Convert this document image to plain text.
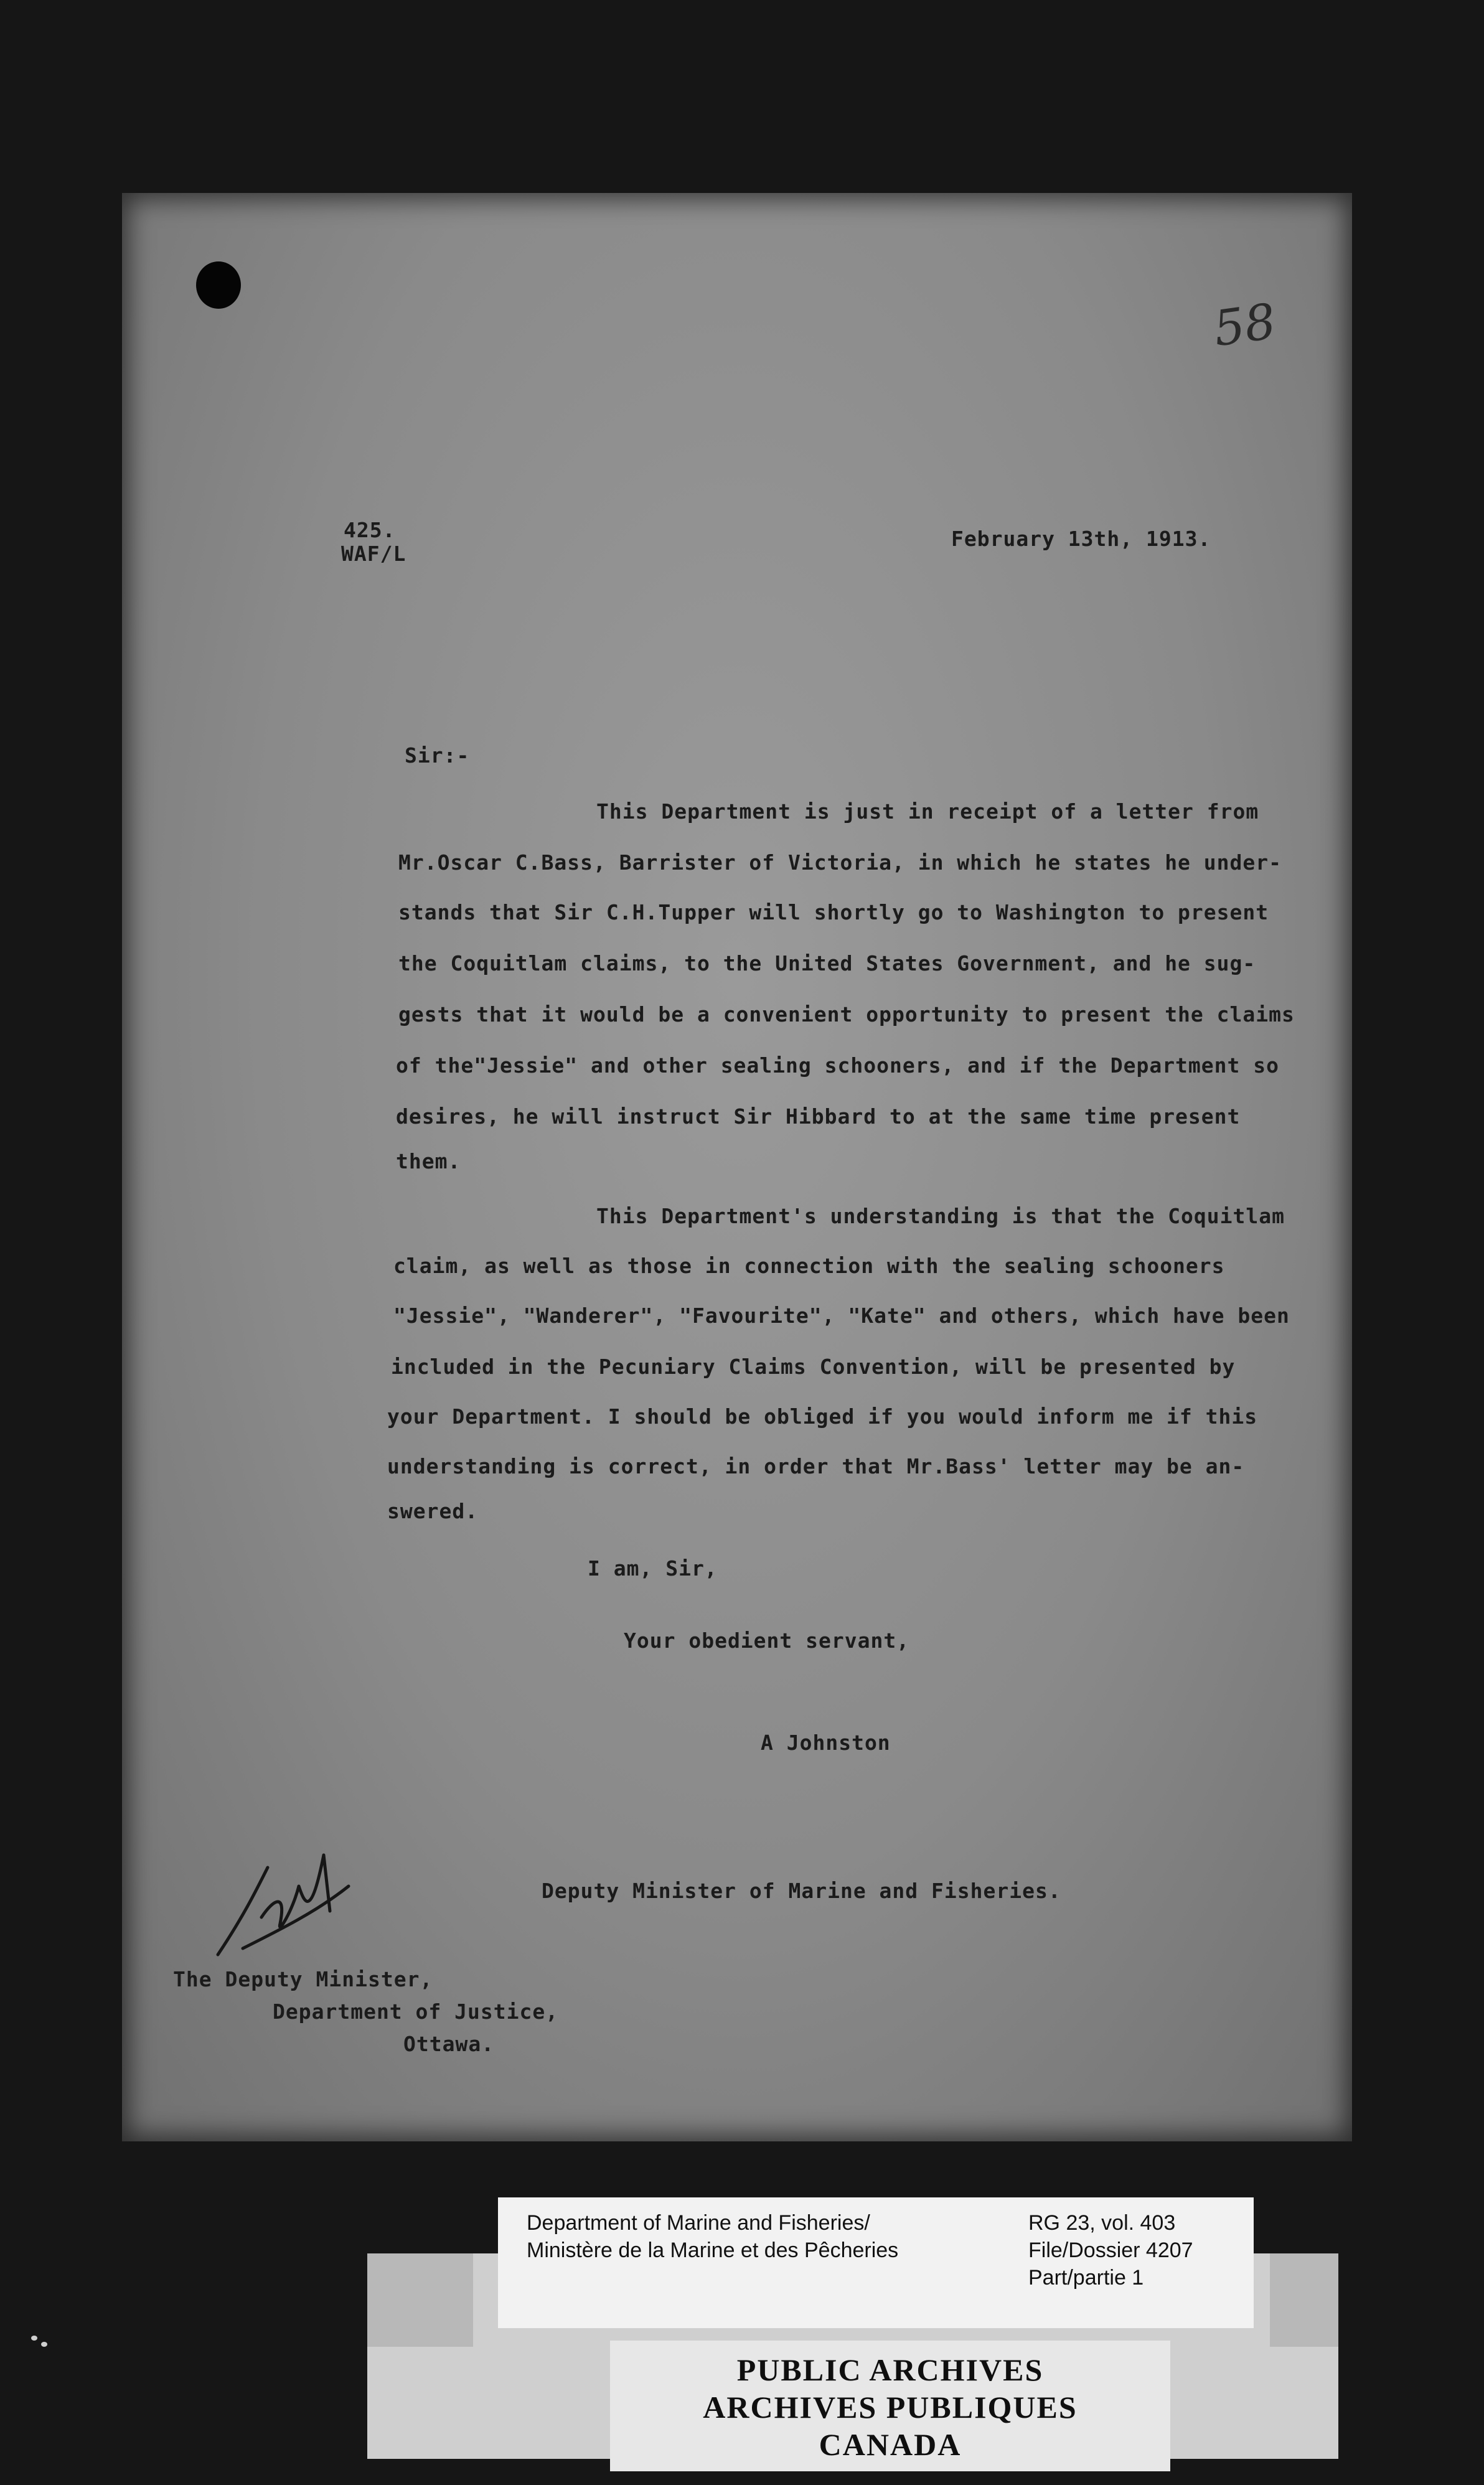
58
425.
WAF/L
February 13th, 1913.
Sir:-
This Department is just in receipt of a letter from
Mr.Oscar C.Bass, Barrister of Victoria, in which he states he under-
stands that Sir C.H.Tupper will shortly go to Washington to present
the Coquitlam claims, to the United States Government, and he sug-
gests that it would be a convenient opportunity to present the claims
of the"Jessie" and other sealing schooners, and if the Department so
desires, he will instruct Sir Hibbard to at the same time present
them.
This Department's understanding is that the Coquitlam
claim, as well as those in connection with the sealing schooners
"Jessie", "Wanderer", "Favourite", "Kate" and others, which have been
included in the Pecuniary Claims Convention, will be presented by
your Department. I should be obliged if you would inform me if this
understanding is correct, in order that Mr.Bass' letter may be an-
swered.
I am, Sir,
Your obedient servant,
A Johnston
Deputy Minister of Marine and Fisheries.
The Deputy Minister,
Department of Justice,
Ottawa.
Department of Marine and Fisheries/
Ministère de la Marine et des Pêcheries
RG 23, vol. 403
File/Dossier 4207
Part/partie 1
PUBLIC ARCHIVES
ARCHIVES PUBLIQUES
CANADA
